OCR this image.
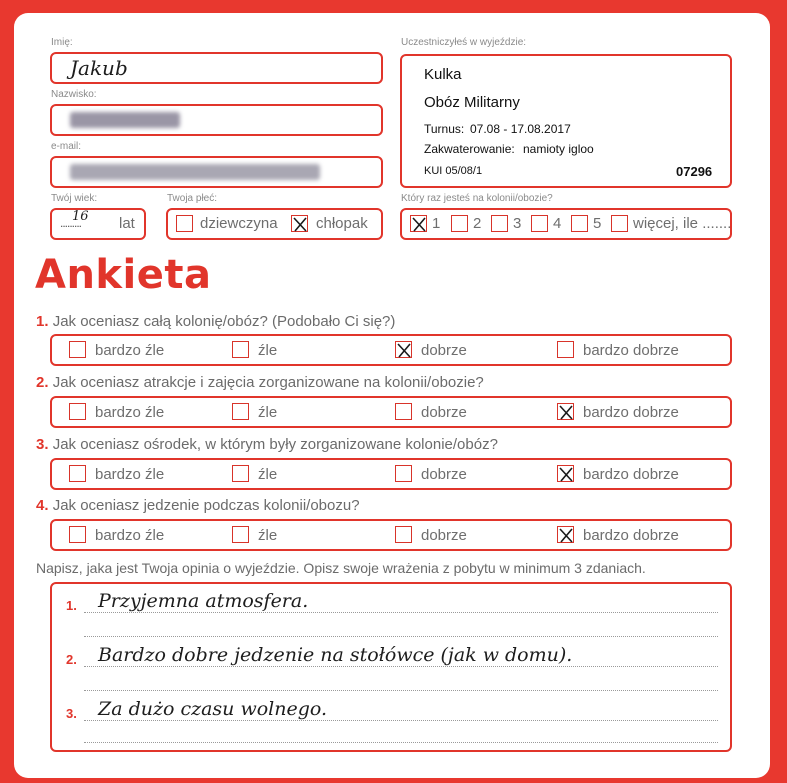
Imię:
Jakub
Nazwisko:
e-mail:
Twój wiek:
16
.........	lat
Twoja płeć:
dziewczyna	chłopak
Uczestniczyłeś w wyjeździe:
Kulka
Obóz Militarny
Turnus: 07.08 - 17.08.2017
Zakwaterowanie: namioty igloo
KUI 05/08/1	07296
Który raz jesteś na kolonii/obozie?
1 2 3 4 5 więcej, ile .......
Ankieta
1. Jak oceniasz całą kolonię/obóz? (Podobało Ci się?)
bardzo źle	źle	dobrze	bardzo dobrze
2. Jak oceniasz atrakcje i zajęcia zorganizowane na kolonii/obozie?
bardzo źle	źle	dobrze	bardzo dobrze
3. Jak oceniasz ośrodek, w którym były zorganizowane kolonie/obóz?
bardzo źle	źle	dobrze	bardzo dobrze
4. Jak oceniasz jedzenie podczas kolonii/obozu?
bardzo źle	źle	dobrze	bardzo dobrze
Napisz, jaka jest Twoja opinia o wyjeździe. Opisz swoje wrażenia z pobytu w minimum 3 zdaniach.
1. Przyjemna atmosfera.
2. Bardzo dobre jedzenie na stołówce (jak w domu).
3. Za dużo czasu wolnego.
